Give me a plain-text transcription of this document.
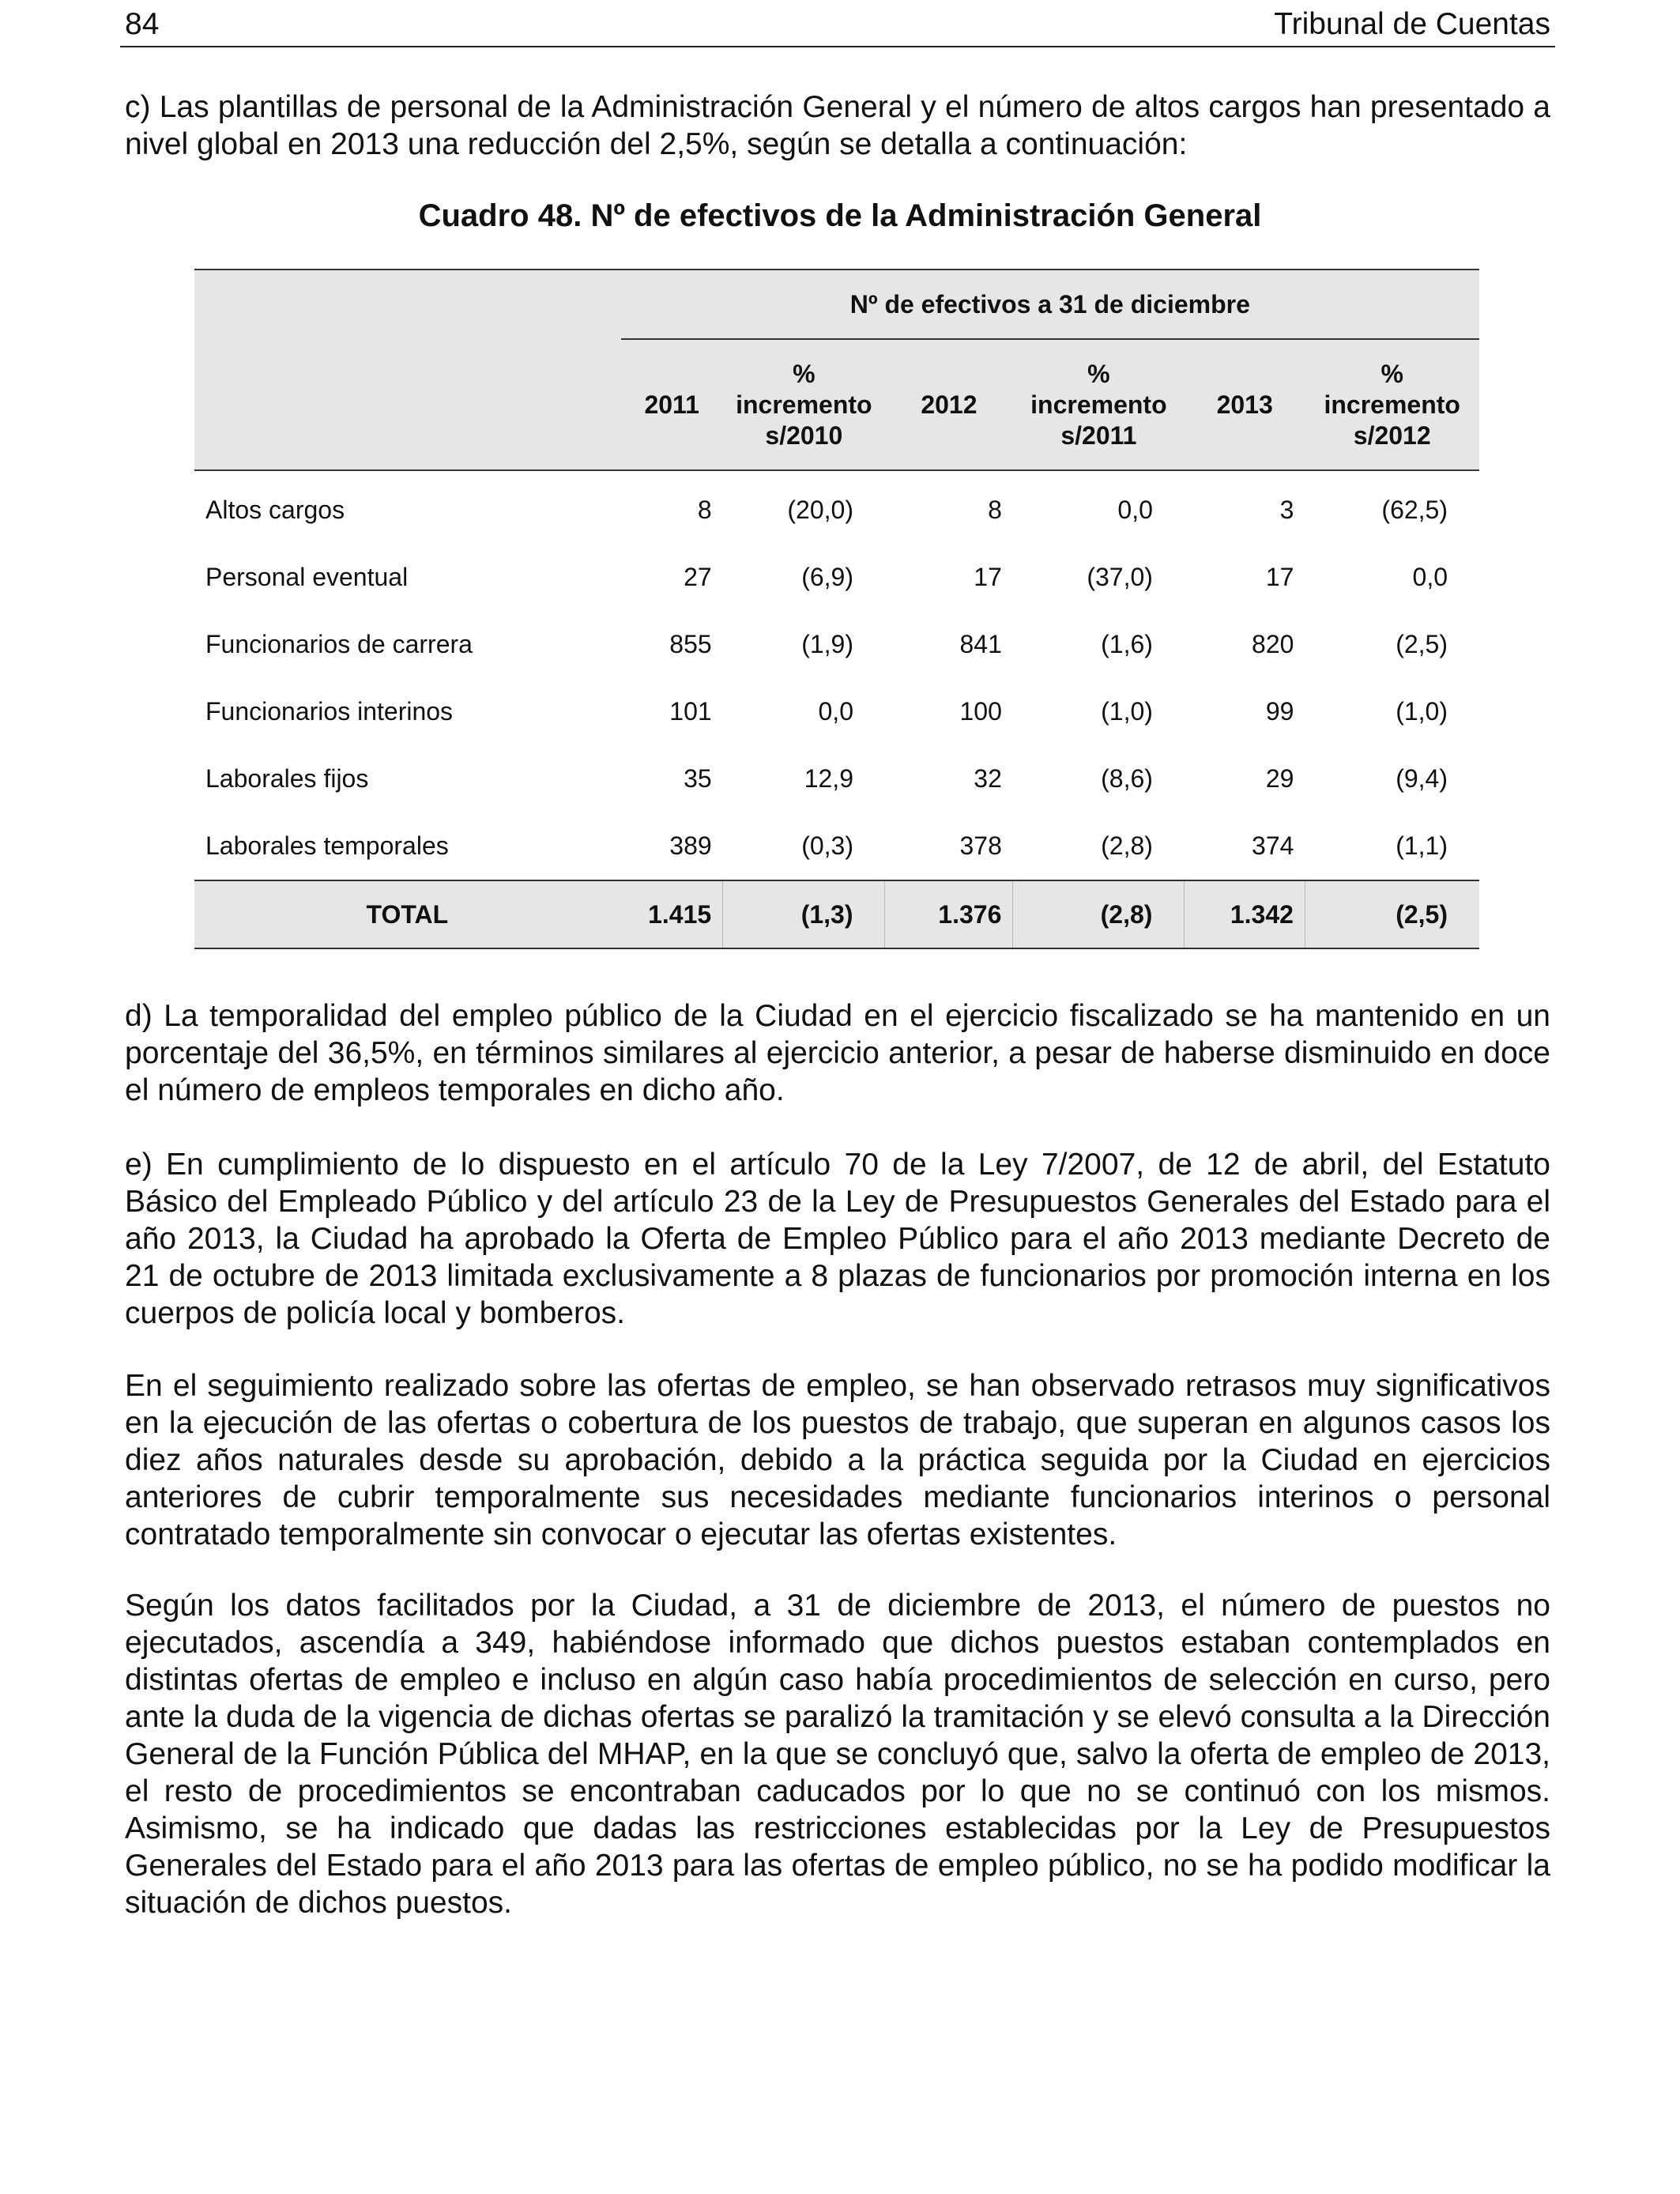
84	Tribunal de Cuentas

c) Las plantillas de personal de la Administración General y el número de altos cargos han presentado a nivel global en 2013 una reducción del 2,5%, según se detalla a continuación:

Cuadro 48. Nº de efectivos de la Administración General
	Nº de efectivos a 31 de diciembre					
	2011	%
incremento
s/2010	2012	%
incremento
s/2011	2013	%
incremento
s/2012
Altos cargos	8	(20,0)	8	0,0	3	(62,5)
Personal eventual	27	(6,9)	17	(37,0)	17	0,0
Funcionarios de carrera	855	(1,9)	841	(1,6)	820	(2,5)
Funcionarios interinos	101	0,0	100	(1,0)	99	(1,0)
Laborales fijos	35	12,9	32	(8,6)	29	(9,4)
Laborales temporales	389	(0,3)	378	(2,8)	374	(1,1)
TOTAL	1.415	(1,3)	1.376	(2,8)	1.342	(2,5)

d) La temporalidad del empleo público de la Ciudad en el ejercicio fiscalizado se ha mantenido en un porcentaje del 36,5%, en términos similares al ejercicio anterior, a pesar de haberse disminuido en doce el número de empleos temporales en dicho año.

e) En cumplimiento de lo dispuesto en el artículo 70 de la Ley 7/2007, de 12 de abril, del Estatuto Básico del Empleado Público y del artículo 23 de la Ley de Presupuestos Generales del Estado para el año 2013, la Ciudad ha aprobado la Oferta de Empleo Público para el año 2013 mediante Decreto de 21 de octubre de 2013 limitada exclusivamente a 8 plazas de funcionarios por promoción interna en los cuerpos de policía local y bomberos.

En el seguimiento realizado sobre las ofertas de empleo, se han observado retrasos muy significativos en la ejecución de las ofertas o cobertura de los puestos de trabajo, que superan en algunos casos los diez años naturales desde su aprobación, debido a la práctica seguida por la Ciudad en ejercicios anteriores de cubrir temporalmente sus necesidades mediante funcionarios interinos o personal contratado temporalmente sin convocar o ejecutar las ofertas existentes.

Según los datos facilitados por la Ciudad, a 31 de diciembre de 2013, el número de puestos no ejecutados, ascendía a 349, habiéndose informado que dichos puestos estaban contemplados en distintas ofertas de empleo e incluso en algún caso había procedimientos de selección en curso, pero ante la duda de la vigencia de dichas ofertas se paralizó la tramitación y se elevó consulta a la Dirección General de la Función Pública del MHAP, en la que se concluyó que, salvo la oferta de empleo de 2013, el resto de procedimientos se encontraban caducados por lo que no se continuó con los mismos. Asimismo, se ha indicado que dadas las restricciones establecidas por la Ley de Presupuestos Generales del Estado para el año 2013 para las ofertas de empleo público, no se ha podido modificar la situación de dichos puestos.
